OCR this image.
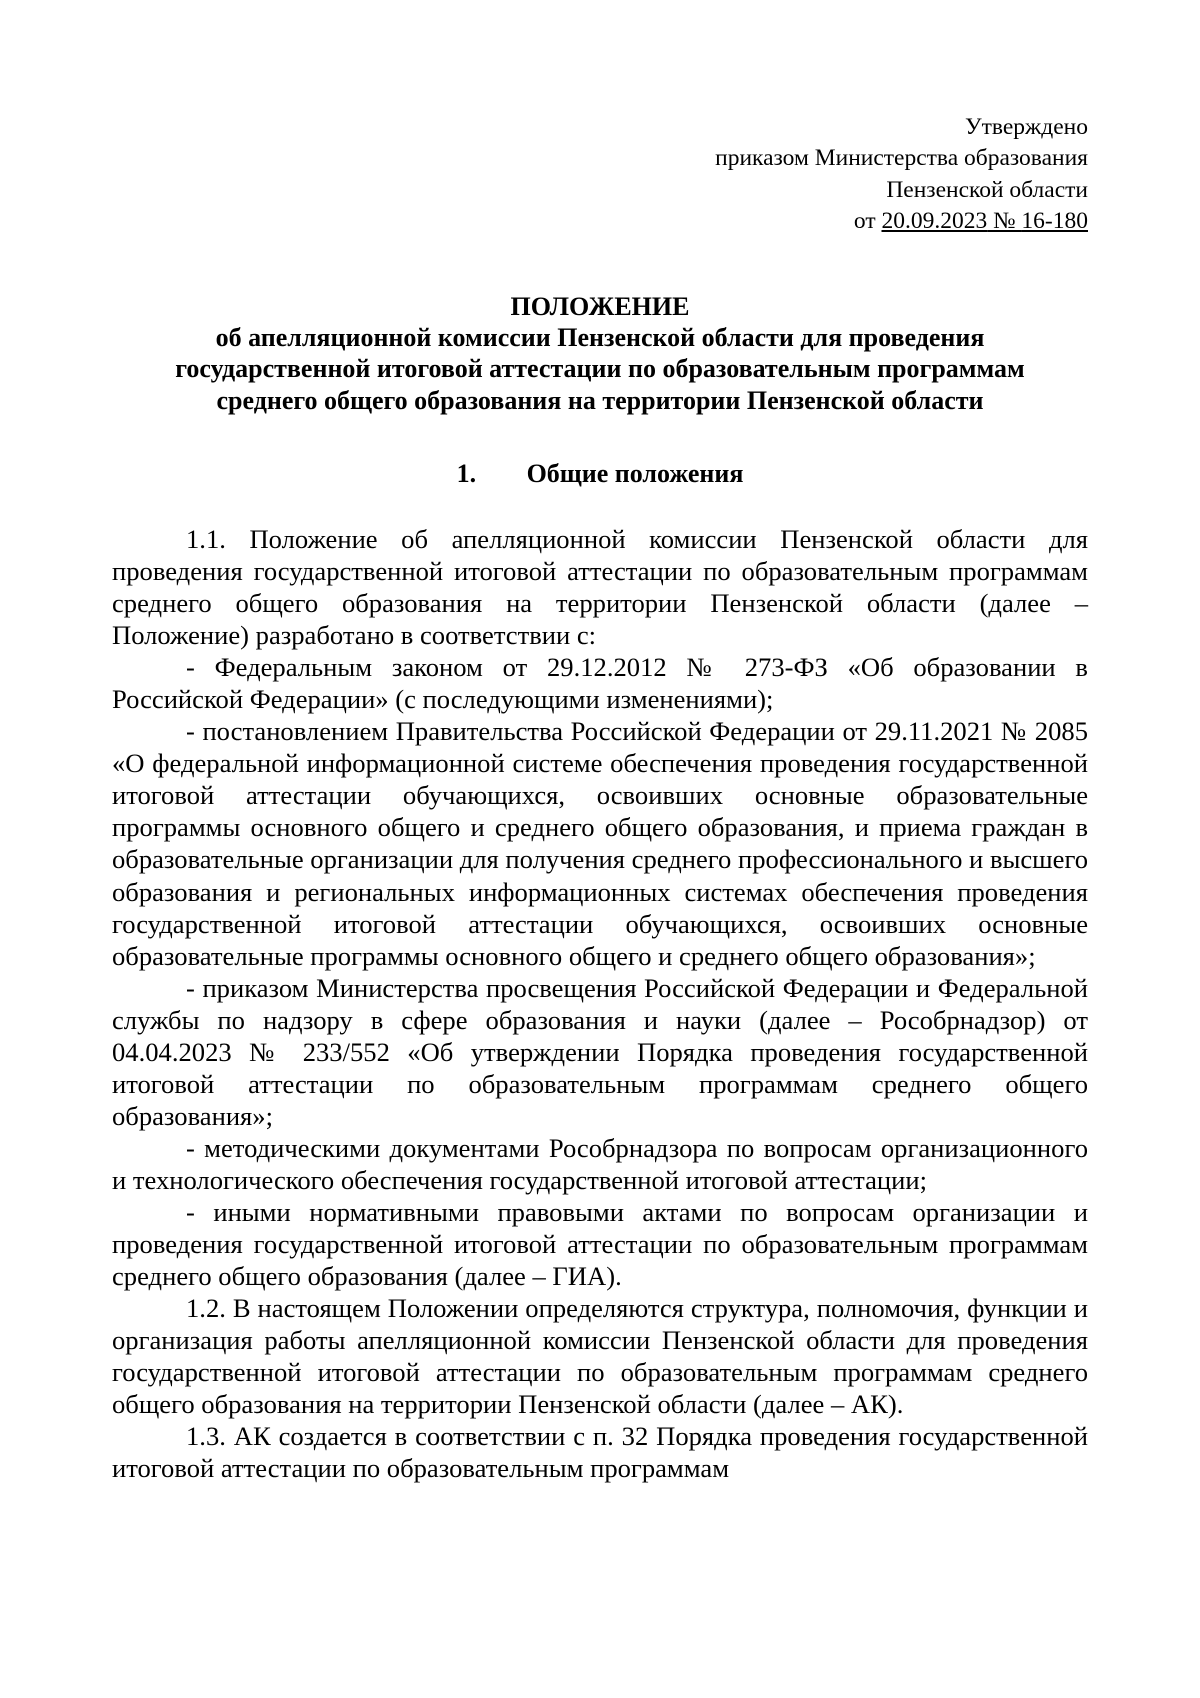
Утверждено
приказом Министерства образования
Пензенской области
от 20.09.2023 № 16-180
ПОЛОЖЕНИЕ
об апелляционной комиссии Пензенской области для проведения
государственной итоговой аттестации по образовательным программам
среднего общего образования на территории Пензенской области
1. Общие положения

1.1. Положение об апелляционной комиссии Пензенской области для проведения государственной итоговой аттестации по образовательным программам среднего общего образования на территории Пензенской области (далее – Положение) разработано в соответствии с:

- Федеральным законом от 29.12.2012 № 273-ФЗ «Об образовании в Российской Федерации» (с последующими изменениями);

- постановлением Правительства Российской Федерации от 29.11.2021 № 2085 «О федеральной информационной системе обеспечения проведения государственной итоговой аттестации обучающихся, освоивших основные образовательные программы основного общего и среднего общего образования, и приема граждан в образовательные организации для получения среднего профессионального и высшего образования и региональных информационных системах обеспечения проведения государственной итоговой аттестации обучающихся, освоивших основные образовательные программы основного общего и среднего общего образования»;

- приказом Министерства просвещения Российской Федерации и Федеральной службы по надзору в сфере образования и науки (далее – Рособрнадзор) от 04.04.2023 № 233/552 «Об утверждении Порядка проведения государственной итоговой аттестации по образовательным программам среднего общего образования»;

- методическими документами Рособрнадзора по вопросам организационного и технологического обеспечения государственной итоговой аттестации;

- иными нормативными правовыми актами по вопросам организации и проведения государственной итоговой аттестации по образовательным программам среднего общего образования (далее – ГИА).

1.2. В настоящем Положении определяются структура, полномочия, функции и организация работы апелляционной комиссии Пензенской области для проведения государственной итоговой аттестации по образовательным программам среднего общего образования на территории Пензенской области (далее – АК).

1.3. АК создается в соответствии с п. 32 Порядка проведения государственной итоговой аттестации по образовательным программам
